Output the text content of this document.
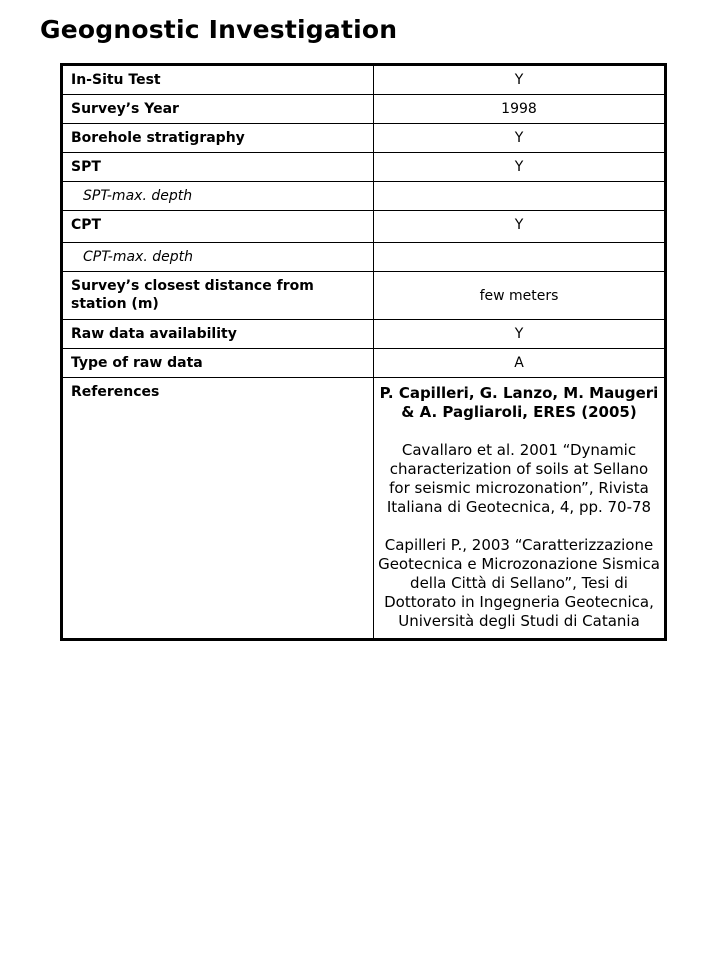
Geognostic Investigation
In-Situ Test	Y
Survey’s Year	1998
Borehole stratigraphy	Y
SPT	Y
SPT-max. depth	
CPT	Y
CPT-max. depth	
Survey’s closest distance from station (m)	few meters
Raw data availability	Y
Type of raw data	A
References	P. Capilleri, G. Lanzo, M. Maugeri & A. Pagliaroli, ERES (2005)

Cavallaro et al. 2001 “Dynamic characterization of soils at Sellano for seismic microzonation”, Rivista Italiana di Geotecnica, 4, pp. 70-78

Capilleri P., 2003 “Caratterizzazione Geotecnica e Microzonazione Sismica della Città di Sellano”, Tesi di Dottorato in Ingegneria Geotecnica, Università degli Studi di Catania
